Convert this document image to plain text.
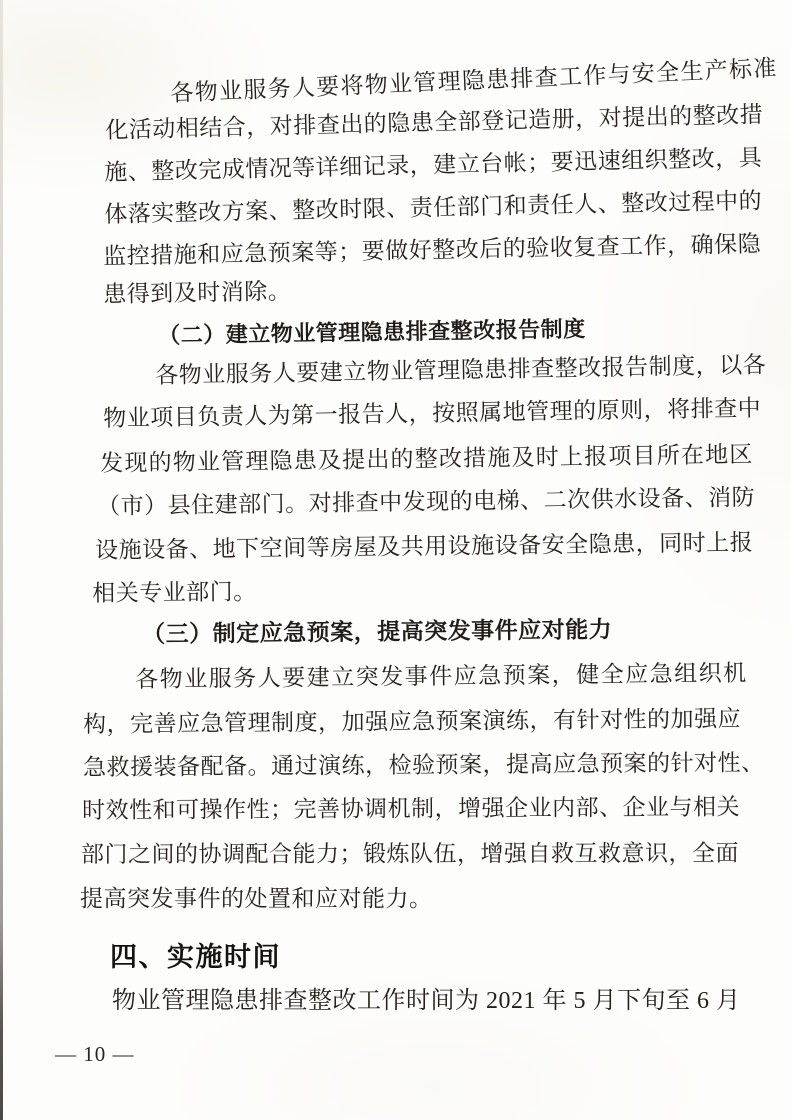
各物业服务人要将物业管理隐患排查工作与安全生产标准
化活动相结合，对排查出的隐患全部登记造册，对提出的整改措
施、整改完成情况等详细记录，建立台帐；要迅速组织整改，具
体落实整改方案、整改时限、责任部门和责任人、整改过程中的
监控措施和应急预案等；要做好整改后的验收复查工作，确保隐
患得到及时消除。
（二）建立物业管理隐患排查整改报告制度
各物业服务人要建立物业管理隐患排查整改报告制度，以各
物业项目负责人为第一报告人，按照属地管理的原则，将排查中
发现的物业管理隐患及提出的整改措施及时上报项目所在地区
（市）县住建部门。对排查中发现的电梯、二次供水设备、消防
设施设备、地下空间等房屋及共用设施设备安全隐患，同时上报
相关专业部门。
（三）制定应急预案，提高突发事件应对能力
各物业服务人要建立突发事件应急预案，健全应急组织机
构，完善应急管理制度，加强应急预案演练，有针对性的加强应
急救援装备配备。通过演练，检验预案，提高应急预案的针对性、
时效性和可操作性；完善协调机制，增强企业内部、企业与相关
部门之间的协调配合能力；锻炼队伍，增强自救互救意识，全面
提高突发事件的处置和应对能力。
四、实施时间
物业管理隐患排查整改工作时间为 2021 年 5 月下旬至 6 月
— 10 —
